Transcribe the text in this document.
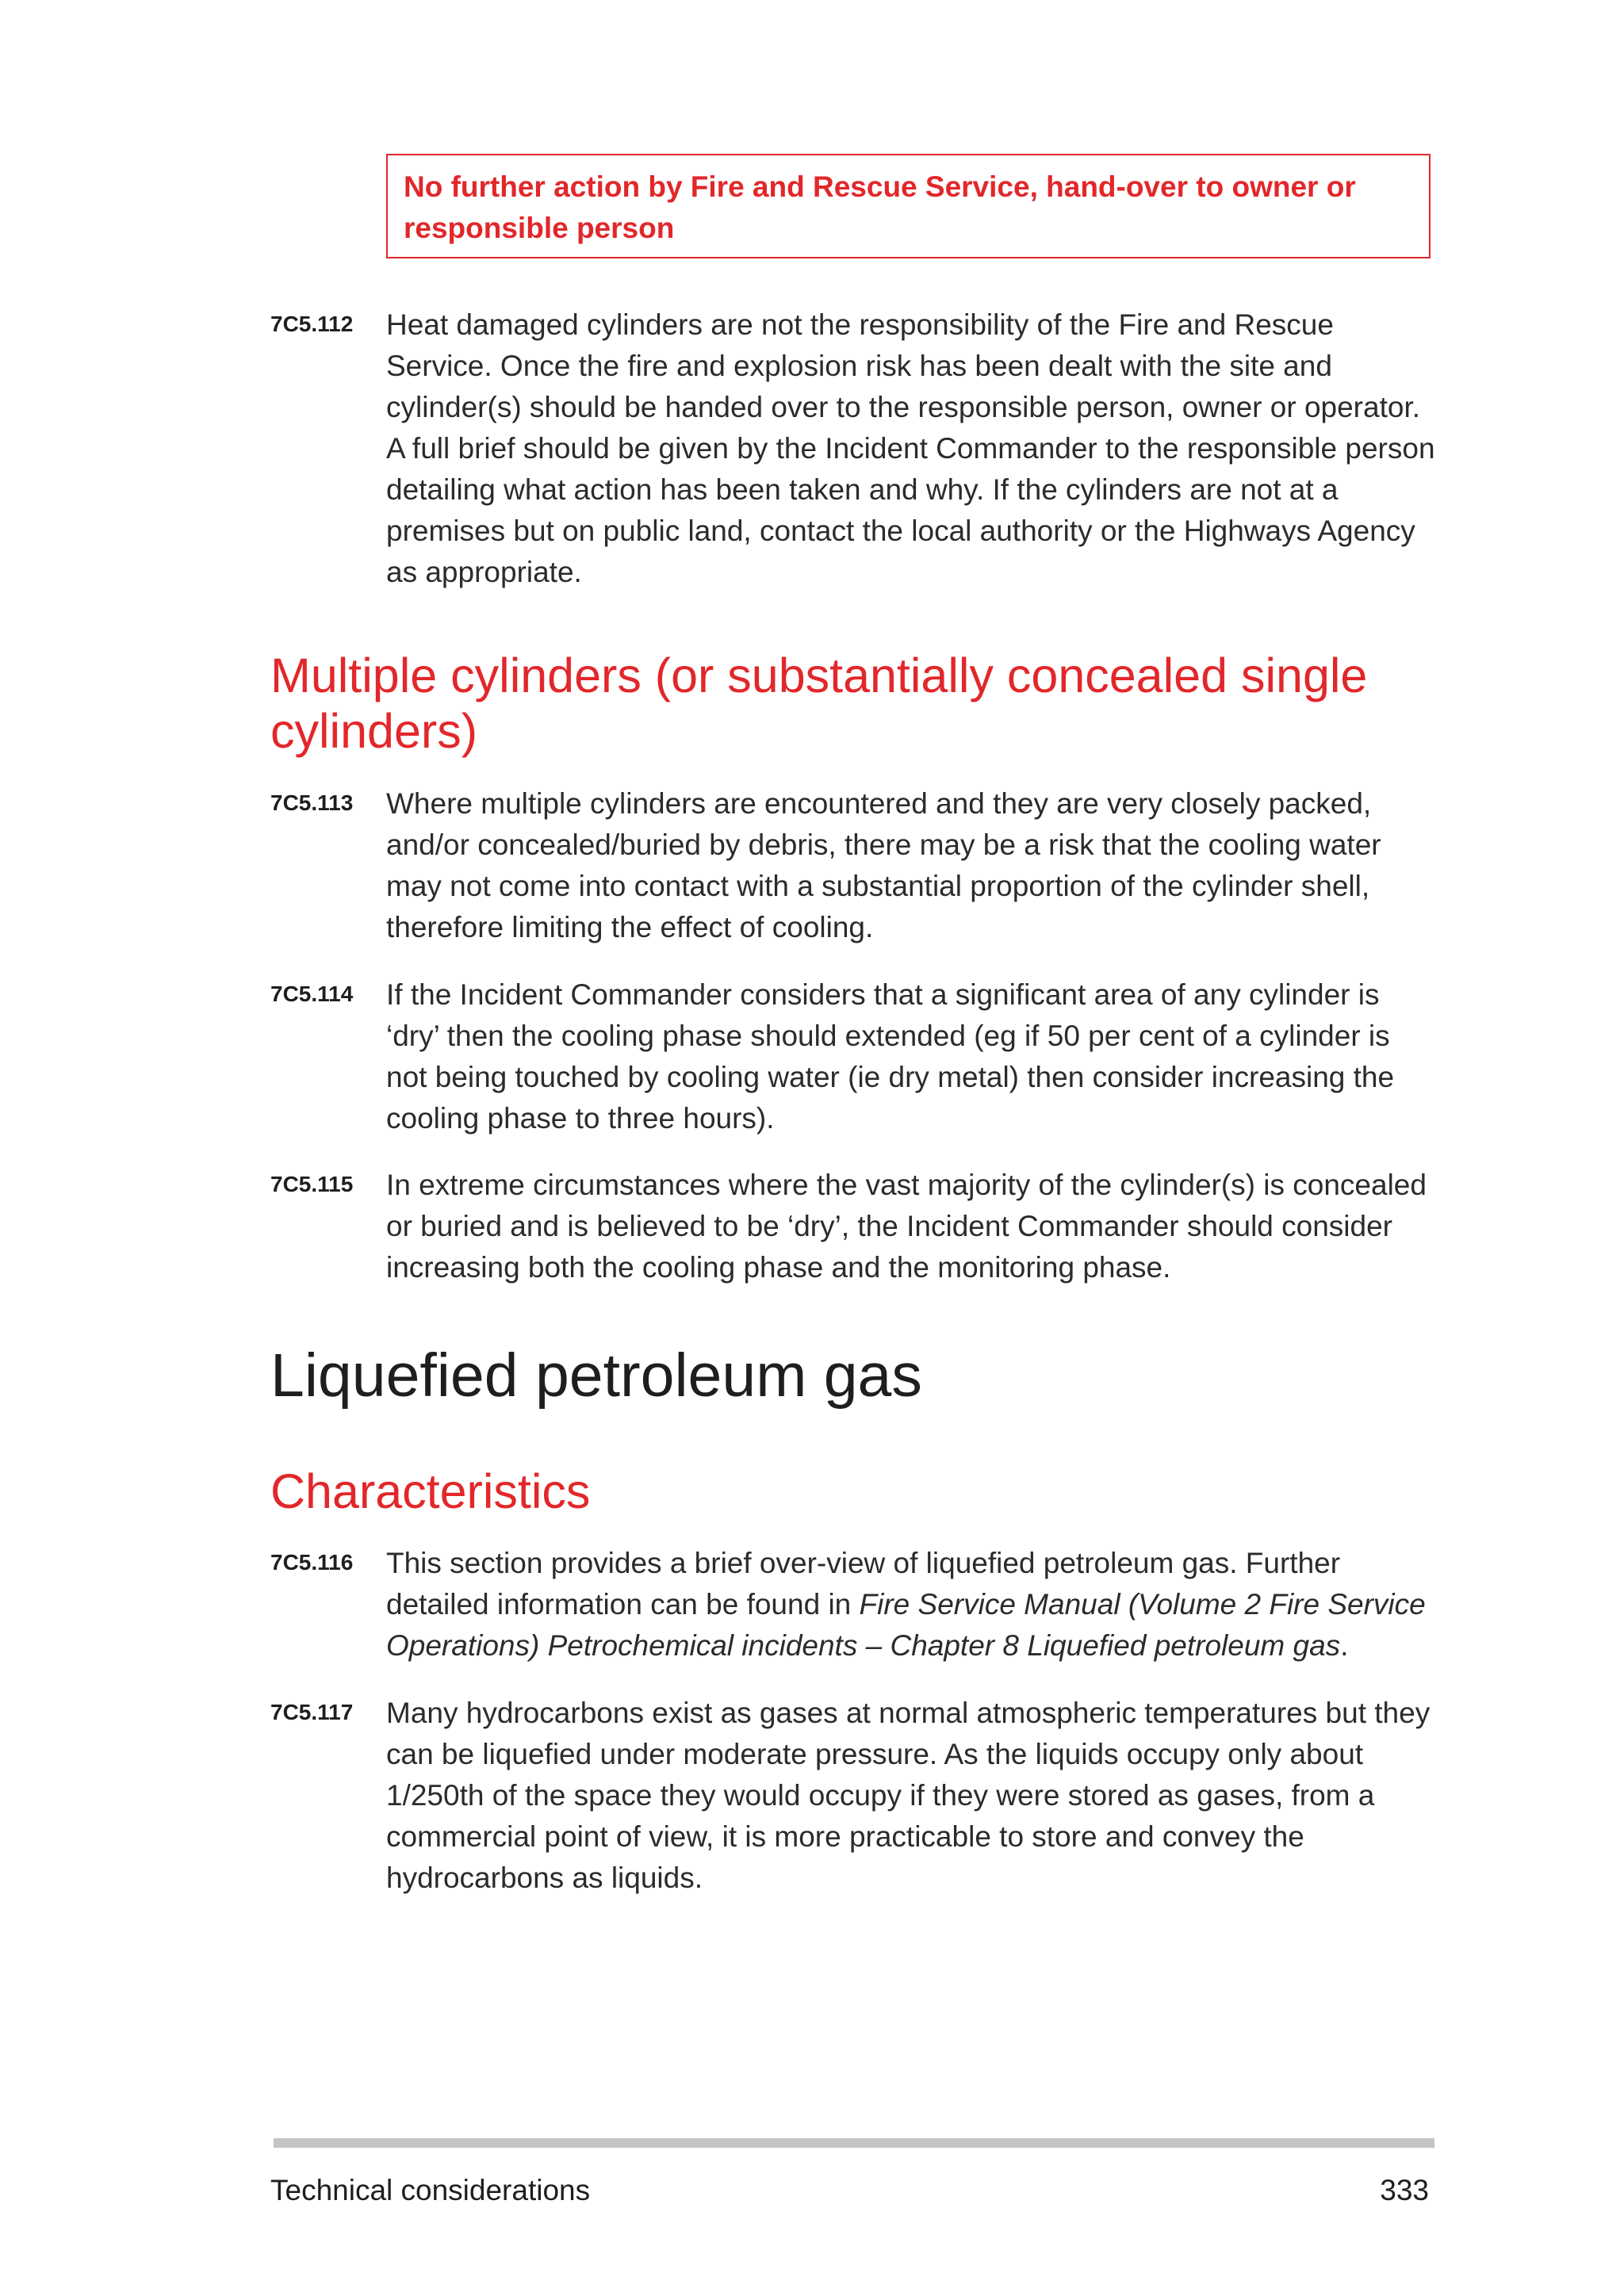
No further action by Fire and Rescue Service, hand-over to owner or responsible person
7C5.112 Heat damaged cylinders are not the responsibility of the Fire and Rescue Service. Once the fire and explosion risk has been dealt with the site and cylinder(s) should be handed over to the responsible person, owner or operator. A full brief should be given by the Incident Commander to the responsible person detailing what action has been taken and why. If the cylinders are not at a premises but on public land, contact the local authority or the Highways Agency as appropriate.
Multiple cylinders (or substantially concealed single cylinders)
7C5.113 Where multiple cylinders are encountered and they are very closely packed, and/or concealed/buried by debris, there may be a risk that the cooling water may not come into contact with a substantial proportion of the cylinder shell, therefore limiting the effect of cooling.
7C5.114 If the Incident Commander considers that a significant area of any cylinder is ‘dry’ then the cooling phase should extended (eg if 50 per cent of a cylinder is not being touched by cooling water (ie dry metal) then consider increasing the cooling phase to three hours).
7C5.115 In extreme circumstances where the vast majority of the cylinder(s) is concealed or buried and is believed to be ‘dry’, the Incident Commander should consider increasing both the cooling phase and the monitoring phase.
Liquefied petroleum gas
Characteristics
7C5.116 This section provides a brief over-view of liquefied petroleum gas. Further detailed information can be found in Fire Service Manual (Volume 2 Fire Service Operations) Petrochemical incidents – Chapter 8 Liquefied petroleum gas.
7C5.117 Many hydrocarbons exist as gases at normal atmospheric temperatures but they can be liquefied under moderate pressure. As the liquids occupy only about 1/250th of the space they would occupy if they were stored as gases, from a commercial point of view, it is more practicable to store and convey the hydrocarbons as liquids.
Technical considerations	333
